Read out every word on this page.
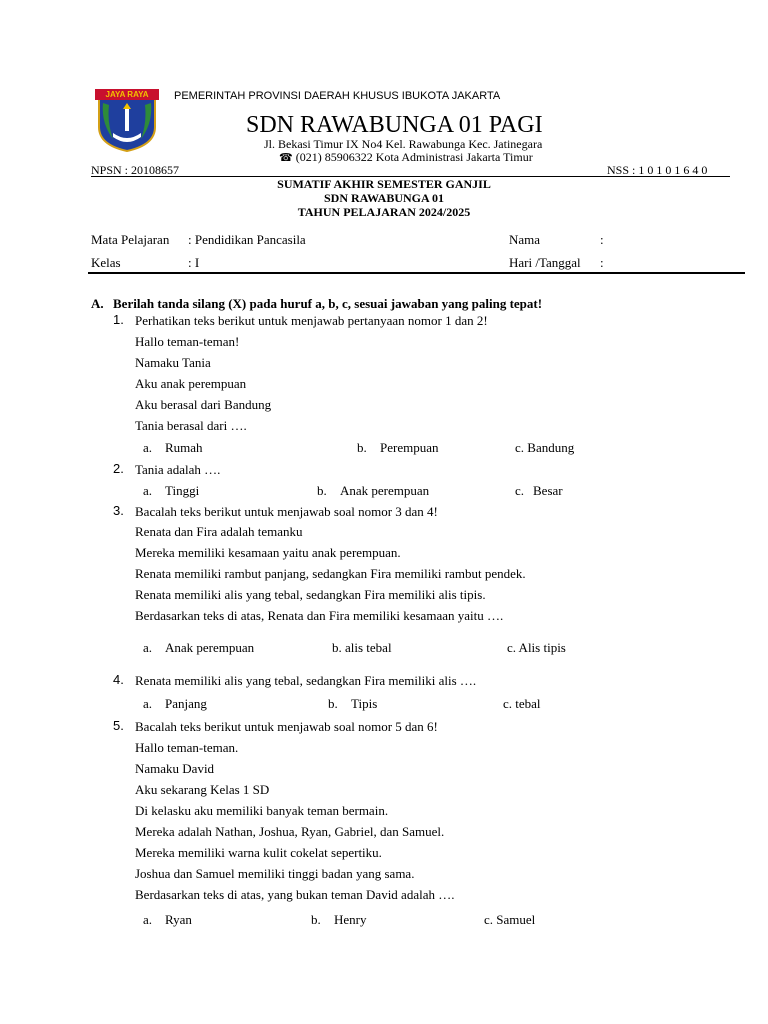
JAYA RAYA	PEMERINTAH PROVINSI DAERAH KHUSUS IBUKOTA JAKARTA
SDN RAWABUNGA 01 PAGI
Jl. Bekasi Timur IX No4 Kel. Rawabunga Kec. Jatinegara
☎ (021) 85906322 Kota Administrasi Jakarta Timur
NPSN : 20108657	NSS : 1 0 1 0 1 6 4 0
SUMATIF AKHIR SEMESTER GANJIL
SDN RAWABUNGA 01
TAHUN PELAJARAN 2024/2025
Mata Pelajaran : Pendidikan Pancasila	Nama	:
Kelas	: I	Hari /Tanggal :
A. Berilah tanda silang (X) pada huruf a, b, c, sesuai jawaban yang paling tepat!
1. Perhatikan teks berikut untuk menjawab pertanyaan nomor 1 dan 2!
Hallo teman-teman!
Namaku Tania
Aku anak perempuan
Aku berasal dari Bandung
Tania berasal dari ….
a. Rumah	b. Perempuan	c. Bandung
2. Tania adalah ….
a. Tinggi	b. Anak perempuan	c. Besar
3. Bacalah teks berikut untuk menjawab soal nomor 3 dan 4!
Renata dan Fira adalah temanku
Mereka memiliki kesamaan yaitu anak perempuan.
Renata memiliki rambut panjang, sedangkan Fira memiliki rambut pendek.
Renata memiliki alis yang tebal, sedangkan Fira memiliki alis tipis.
Berdasarkan teks di atas, Renata dan Fira memiliki kesamaan yaitu ….
a. Anak perempuan	b. alis tebal	c. Alis tipis
4. Renata memiliki alis yang tebal, sedangkan Fira memiliki alis ….
a. Panjang	b. Tipis	c. tebal
5. Bacalah teks berikut untuk menjawab soal nomor 5 dan 6!
Hallo teman-teman.
Namaku David
Aku sekarang Kelas 1 SD
Di kelasku aku memiliki banyak teman bermain.
Mereka adalah Nathan, Joshua, Ryan, Gabriel, dan Samuel.
Mereka memiliki warna kulit cokelat sepertiku.
Joshua dan Samuel memiliki tinggi badan yang sama.
Berdasarkan teks di atas, yang bukan teman David adalah ….
a. Ryan	b. Henry	c. Samuel
